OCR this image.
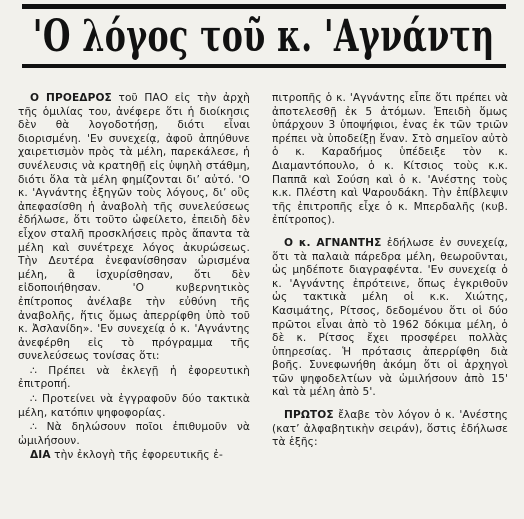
'Ο λόγος τοῦ κ. 'Αγνάντη

Ο ΠΡΟΕΔΡΟΣ τοῦ ΠΑΟ εἰς τὴν ἀρχὴ τῆς ὁμιλίας του, ἀνέφερε ὅτι ἡ διοίκησις δὲν θὰ λογοδοτήσῃ, διότι εἶναι διορισμένη. 'Εν συνεχείᾳ, ἀφοῦ ἀπηύθυνε χαιρετισμὸν πρὸς τὰ μέλη, παρεκάλεσε, ἡ συνέλευσις νὰ κρατηθῇ εἰς ὑψηλὴ στάθμη, διότι ὅλα τὰ μέλη φημίζονται διʼ αὐτό. 'Ο κ. 'Αγνάντης ἐξηγῶν τοὺς λόγους, διʼ οὓς ἀπεφασίσθη ἡ ἀναβολὴ τῆς συνελεύσεως ἐδήλωσε, ὅτι τοῦτο ὠφείλετο, ἐπειδὴ δὲν εἶχον σταλῆ προσκλήσεις πρὸς ἅπαντα τὰ μέλη καὶ συνέτρεχε λόγος ἀκυρώσεως. Τὴν Δευτέρα ἐνεφανίσθησαν ὡρισμένα μέλη, ἃ ἰσχυρίσθησαν, ὅτι δὲν εἰδοποιήθησαν. 'Ο κυβερνητικὸς ἐπίτροπος ἀνέλαβε τὴν εὐθύνη τῆς ἀναβολῆς, ἥτις ὅμως ἀπερρίφθη ὑπὸ τοῦ κ. Ἀσλανίδη». 'Εν συνεχείᾳ ὁ κ. 'Αγνάντης ἀνεφέρθη εἰς τὸ πρόγραμμα τῆς συνελεύσεως τονίσας ὅτι:

∴ Πρέπει νὰ ἐκλεγῇ ἡ ἐφορευτικὴ ἐπιτροπή.

∴ Προτείνει νὰ ἐγγραφοῦν δύο τακτικὰ μέλη, κατόπιν ψηφοφορίας.

∴ Νὰ δηλώσουν ποῖοι ἐπιθυμοῦν νὰ ὡμιλήσουν.

ΔΙΑ τὴν ἐκλογὴ τῆς ἐφορευτικῆς ἐ-

πιτροπῆς ὁ κ. 'Αγνάντης εἶπε ὅτι πρέπει νὰ ἀποτελεσθῇ ἐκ 5 ἀτόμων. Ἐπειδὴ ὅμως ὑπάρχουν 3 ὑποψήφιοι, ἐνας ἐκ τῶν τριῶν πρέπει νὰ ὑποδείξῃ ἕναν. Στὸ σημεῖον αὐτὸ ὁ κ. Καραδήμος ὑπέδειξε τὸν κ. Διαμαντόπουλο, ὁ κ. Κίτσιος τοὺς κ.κ. Παππᾶ καὶ Σούση καὶ ὁ κ. 'Ανέστης τοὺς κ.κ. Πλέστη καὶ Ψαρουδάκη. Τὴν ἐπίβλεψιν τῆς ἐπιτροπῆς εἶχε ὁ κ. Μπερδαλῆς (κυβ. ἐπίτροπος).

Ο κ. ΑΓΝΑΝΤΗΣ ἐδήλωσε ἐν συνεχείᾳ, ὅτι τὰ παλαιὰ πάρεδρα μέλη, θεωροῦνται, ὡς μηδέποτε διαγραφέντα. 'Εν συνεχείᾳ ὁ κ. 'Αγνάντης ἐπρότεινε, ὅπως ἐγκριθοῦν ὡς τακτικὰ μέλη οἱ κ.κ. Χιώτης, Κασιμάτης, Ρίτσος, δεδομένου ὅτι οἱ δύο πρῶτοι εἶναι ἀπὸ τὸ 1962 δόκιμα μέλη, ὁ δὲ κ. Ρίτσος ἔχει προσφέρει πολλὰς ὑπηρεσίας. Ἡ πρότασις ἀπερρίφθη διὰ βοῆς. Συνεφωνήθη ἀκόμη ὅτι οἱ ἀρχηγοὶ τῶν ψηφοδελτίων νὰ ὡμιλήσουν ἀπὸ 15' καὶ τὰ μέλη ἀπὸ 5'.

ΠΡΩΤΟΣ ἔλαβε τὸν λόγον ὁ κ. 'Ανέστης (κατʼ ἀλφαβητικὴν σειράν), ὅστις ἐδήλωσε τὰ ἑξῆς:
